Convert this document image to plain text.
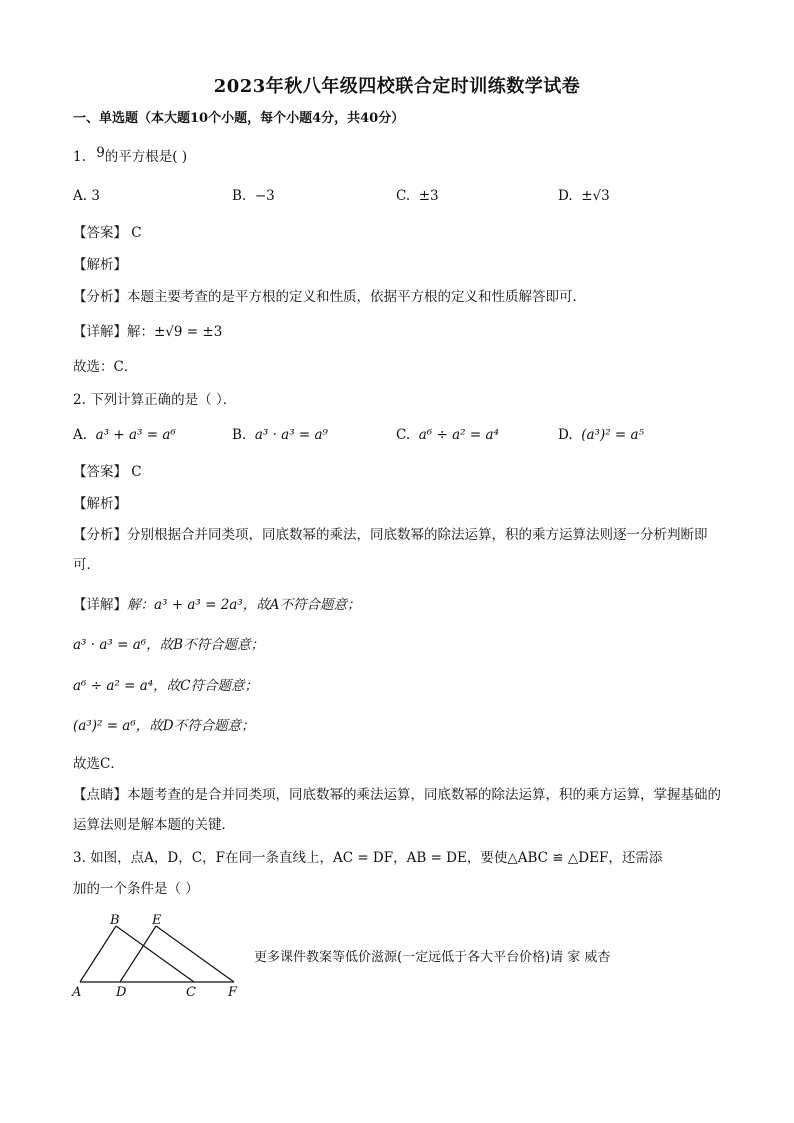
2023年秋八年级四校联合定时训练数学试卷
一、单选题（本大题10个小题，每个小题4分，共40分）
1. 9的平方根是( )
A. 3	B. −3	C. ±3	D. ±√3
【答案】 C
【解析】
【分析】本题主要考查的是平方根的定义和性质，依据平方根的定义和性质解答即可．
【详解】解：±√9 = ±3
故选：C．
2. 下列计算正确的是（ ）．
A. a³ + a³ = a⁶	B. a³ · a³ = a⁹	C. a⁶ ÷ a² = a⁴	D. (a³)² = a⁵
【答案】 C
【解析】
【分析】分别根据合并同类项，同底数幂的乘法，同底数幂的除法运算，积的乘方运算法则逐一分析判断即可．
【详解】解：a³ + a³ = 2a³，故A不符合题意；
a³ · a³ = a⁶，故B不符合题意；
a⁶ ÷ a² = a⁴，故C符合题意；
(a³)² = a⁶，故D不符合题意；
故选C．
【点睛】本题考查的是合并同类项，同底数幂的乘法运算，同底数幂的除法运算，积的乘方运算，掌握基础的运算法则是解本题的关键．
3. 如图，点A，D，C，F在同一条直线上，AC = DF，AB = DE，要使△ABC ≌ △DEF，还需添
加的一个条件是（ ）
B E
A	D	C F
更多课件教案等低价滋源(一定远低于各大平台价格)请 家 威杏
